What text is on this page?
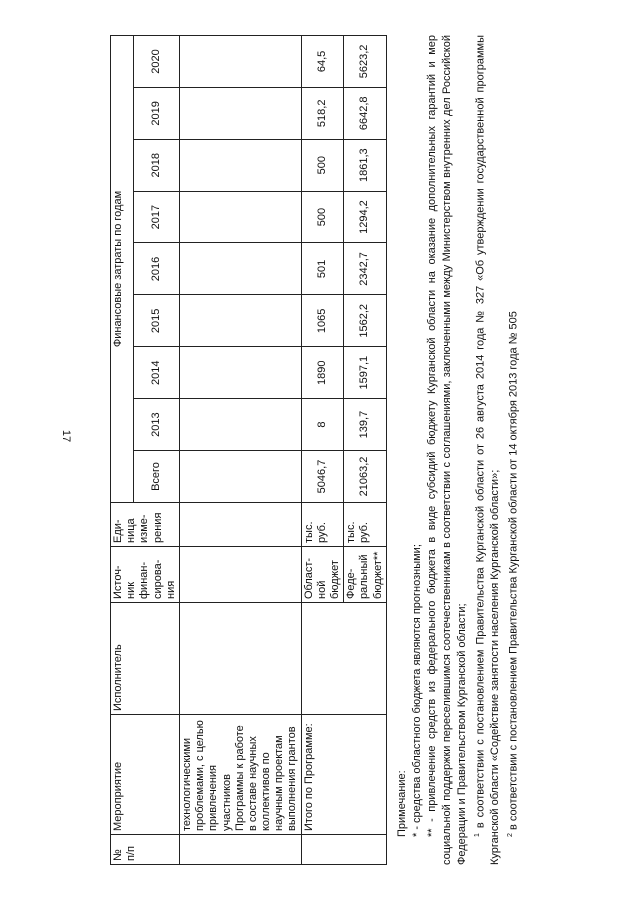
17
№ п/п	Мероприятие	Исполнитель	Источ-ник финан-сирова-ния	Еди-ница изме-рения	Финансовые затраты по годам								
					Всего	2013	2014	2015	2016	2017	2018	2019	2020
	технологическими проблемами, с целью привлечения участников Программы к работе в составе научных коллективов по научным проектам выполнения грантов												
	Итого по Программе:		Област-ной бюджет	тыс. руб.	5046,7	8	1890	1065	501	500	500	518,2	64,5
			Феде-ральный бюджет**	тыс. руб.	21063,2	139,7	1597,1	1562,2	2342,7	1294,2	1861,3	6642,8	5623,2

Примечание: * - средства областного бюджета являются прогнозными; ** - привлечение средств из федерального бюджета в виде субсидий бюджету Курганской области на оказание дополнительных гарантий и мер социальной поддержки переселившимся соотечественникам в соответствии с соглашениями, заключенными между Министерством внутренних дел Российской Федерации и Правительством Курганской области; $^1$ в соответствии с постановлением Правительства Курганской области от 26 августа 2014 года № 327 «Об утверждении государственной программы Курганской области «Содействие занятости населения Курганской области»; $^2$ в соответствии с постановлением Правительства Курганской области от 14 октября 2013 года № 505
